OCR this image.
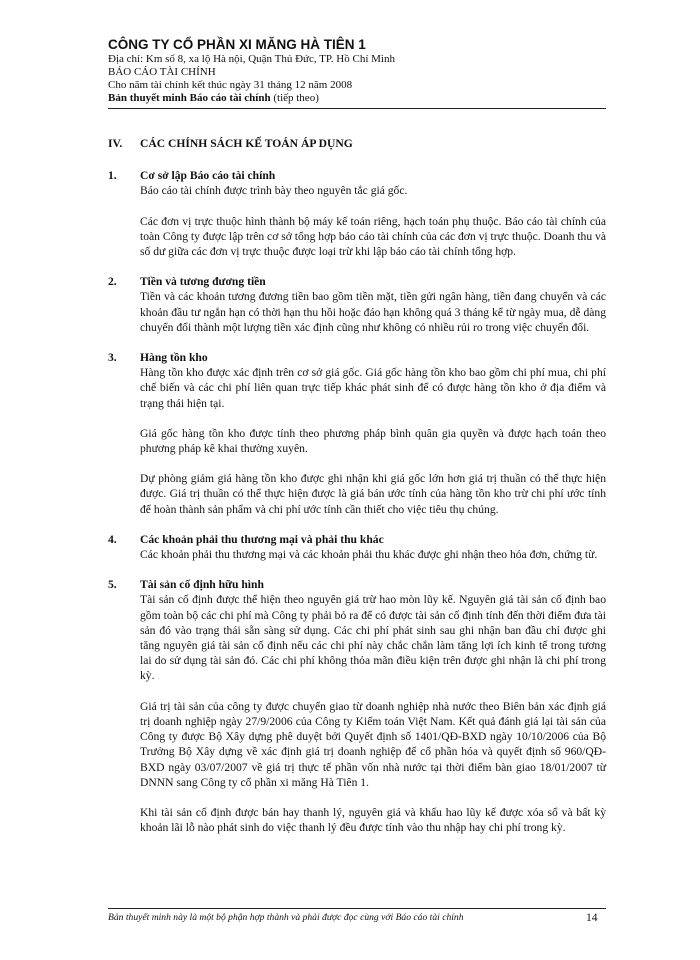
CÔNG TY CỔ PHẦN XI MĂNG HÀ TIÊN 1
Địa chỉ: Km số 8, xa lộ Hà nội, Quận Thủ Đức, TP. Hồ Chí Minh
BÁO CÁO TÀI CHÍNH
Cho năm tài chính kết thúc ngày 31 tháng 12 năm 2008
Bản thuyết minh Báo cáo tài chính (tiếp theo)
IV.	CÁC CHÍNH SÁCH KẾ TOÁN ÁP DỤNG
1.	Cơ sở lập Báo cáo tài chính
Báo cáo tài chính được trình bày theo nguyên tắc giá gốc.
Các đơn vị trực thuộc hình thành bộ máy kế toán riêng, hạch toán phụ thuộc. Báo cáo tài chính của toàn Công ty được lập trên cơ sở tổng hợp báo cáo tài chính của các đơn vị trực thuộc. Doanh thu và số dư giữa các đơn vị trực thuộc được loại trừ khi lập báo cáo tài chính tổng hợp.
2.	Tiền và tương đương tiền
Tiền và các khoản tương đương tiền bao gồm tiền mặt, tiền gửi ngân hàng, tiền đang chuyển và các khoản đầu tư ngắn hạn có thời hạn thu hồi hoặc đáo hạn không quá 3 tháng kể từ ngày mua, dễ dàng chuyển đổi thành một lượng tiền xác định cũng như không có nhiều rủi ro trong việc chuyển đổi.
3.	Hàng tồn kho
Hàng tồn kho được xác định trên cơ sở giá gốc. Giá gốc hàng tồn kho bao gồm chi phí mua, chi phí chế biến và các chi phí liên quan trực tiếp khác phát sinh để có được hàng tồn kho ở địa điểm và trạng thái hiện tại.
Giá gốc hàng tồn kho được tính theo phương pháp bình quân gia quyền và được hạch toán theo phương pháp kê khai thường xuyên.
Dự phòng giảm giá hàng tồn kho được ghi nhận khi giá gốc lớn hơn giá trị thuần có thể thực hiện được. Giá trị thuần có thể thực hiện được là giá bán ước tính của hàng tồn kho trừ chi phí ước tính để hoàn thành sản phẩm và chi phí ước tính cần thiết cho việc tiêu thụ chúng.
4.	Các khoản phải thu thương mại và phải thu khác
Các khoản phải thu thương mại và các khoản phải thu khác được ghi nhận theo hóa đơn, chứng từ.
5.	Tài sản cố định hữu hình
Tài sản cố định được thể hiện theo nguyên giá trừ hao mòn lũy kế. Nguyên giá tài sản cố định bao gồm toàn bộ các chi phí mà Công ty phải bỏ ra để có được tài sản cố định tính đến thời điểm đưa tài sản đó vào trạng thái sẵn sàng sử dụng. Các chi phí phát sinh sau ghi nhận ban đầu chỉ được ghi tăng nguyên giá tài sản cố định nếu các chi phí này chắc chắn làm tăng lợi ích kinh tế trong tương lai do sử dụng tài sản đó. Các chi phí không thỏa mãn điều kiện trên được ghi nhận là chi phí trong kỳ.
Giá trị tài sản của công ty được chuyển giao từ doanh nghiệp nhà nước theo Biên bản xác định giá trị doanh nghiệp ngày 27/9/2006 của Công ty Kiểm toán Việt Nam. Kết quả đánh giá lại tài sản của Công ty được Bộ Xây dựng phê duyệt bởi Quyết định số 1401/QĐ-BXD ngày 10/10/2006 của Bộ Trưởng Bộ Xây dựng về xác định giá trị doanh nghiệp để cổ phần hóa và quyết định số 960/QĐ-BXD ngày 03/07/2007 về giá trị thực tế phần vốn nhà nước tại thời điểm bàn giao 18/01/2007 từ DNNN sang Công ty cổ phần xi măng Hà Tiên 1.
Khi tài sản cố định được bán hay thanh lý, nguyên giá và khấu hao lũy kế được xóa sổ và bất kỳ khoản lãi lỗ nào phát sinh do việc thanh lý đều được tính vào thu nhập hay chi phí trong kỳ.
Bản thuyết minh này là một bộ phận hợp thành và phải được đọc cùng với Báo cáo tài chính	14
